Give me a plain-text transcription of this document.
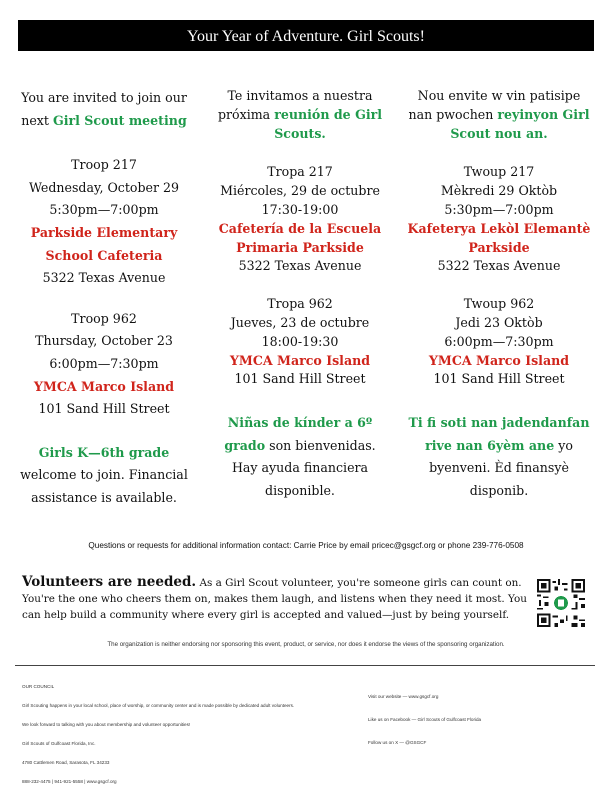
Your Year of Adventure. Girl Scouts!
You are invited to join our next Girl Scout meeting
Troop 217
Wednesday, October 29
5:30pm—7:00pm
Parkside Elementary School Cafeteria
5322 Texas Avenue
Troop 962
Thursday, October 23
6:00pm—7:30pm
YMCA Marco Island
101 Sand Hill Street
Girls K—6th grade welcome to join. Financial assistance is available.
Te invitamos a nuestra próxima reunión de Girl Scouts.
Tropa 217
Miércoles, 29 de octubre
17:30-19:00
Cafetería de la Escuela Primaria Parkside
5322 Texas Avenue
Tropa 962
Jueves, 23 de octubre
18:00-19:30
YMCA Marco Island
101 Sand Hill Street
Niñas de kínder a 6º grado son bienvenidas. Hay ayuda financiera disponible.
Nou envite w vin patisipe nan pwochen reyinyon Girl Scout nou an.
Twoup 217
Mèkredi 29 Oktòb
5:30pm—7:00pm
Kafeterya Lekòl Elemantè Parkside
5322 Texas Avenue
Twoup 962
Jedi 23 Oktòb
6:00pm—7:30pm
YMCA Marco Island
101 Sand Hill Street
Ti fi soti nan jadendanfan rive nan 6yèm ane yo byenveni. Èd finansyè disponib.
Questions or requests for additional information contact: Carrie Price by email pricec@gsgcf.org or phone 239-776-0508
Volunteers are needed. As a Girl Scout volunteer, you're someone girls can count on. You're the one who cheers them on, makes them laugh, and listens when they need it most. You can help build a community where every girl is accepted and valued—just by being yourself.
The organization is neither endorsing nor sponsoring this event, product, or service, nor does it endorse the views of the sponsoring organization.
OUR COUNCIL
Girl Scouting happens in your local school, place of worship, or community center and is made possible by dedicated adult volunteers.
We look forward to talking with you about membership and volunteer opportunities!
Girl Scouts of Gulfcoast Florida, Inc.
4780 Cattlemen Road, Sarasota, FL 34233
888-232-4475 | 941-921-5558 | www.gsgcf.org
Visit our website — www.gsgcf.org
Like us on Facebook — Girl Scouts of Gulfcoast Florida
Follow us on X — @GSGCF
